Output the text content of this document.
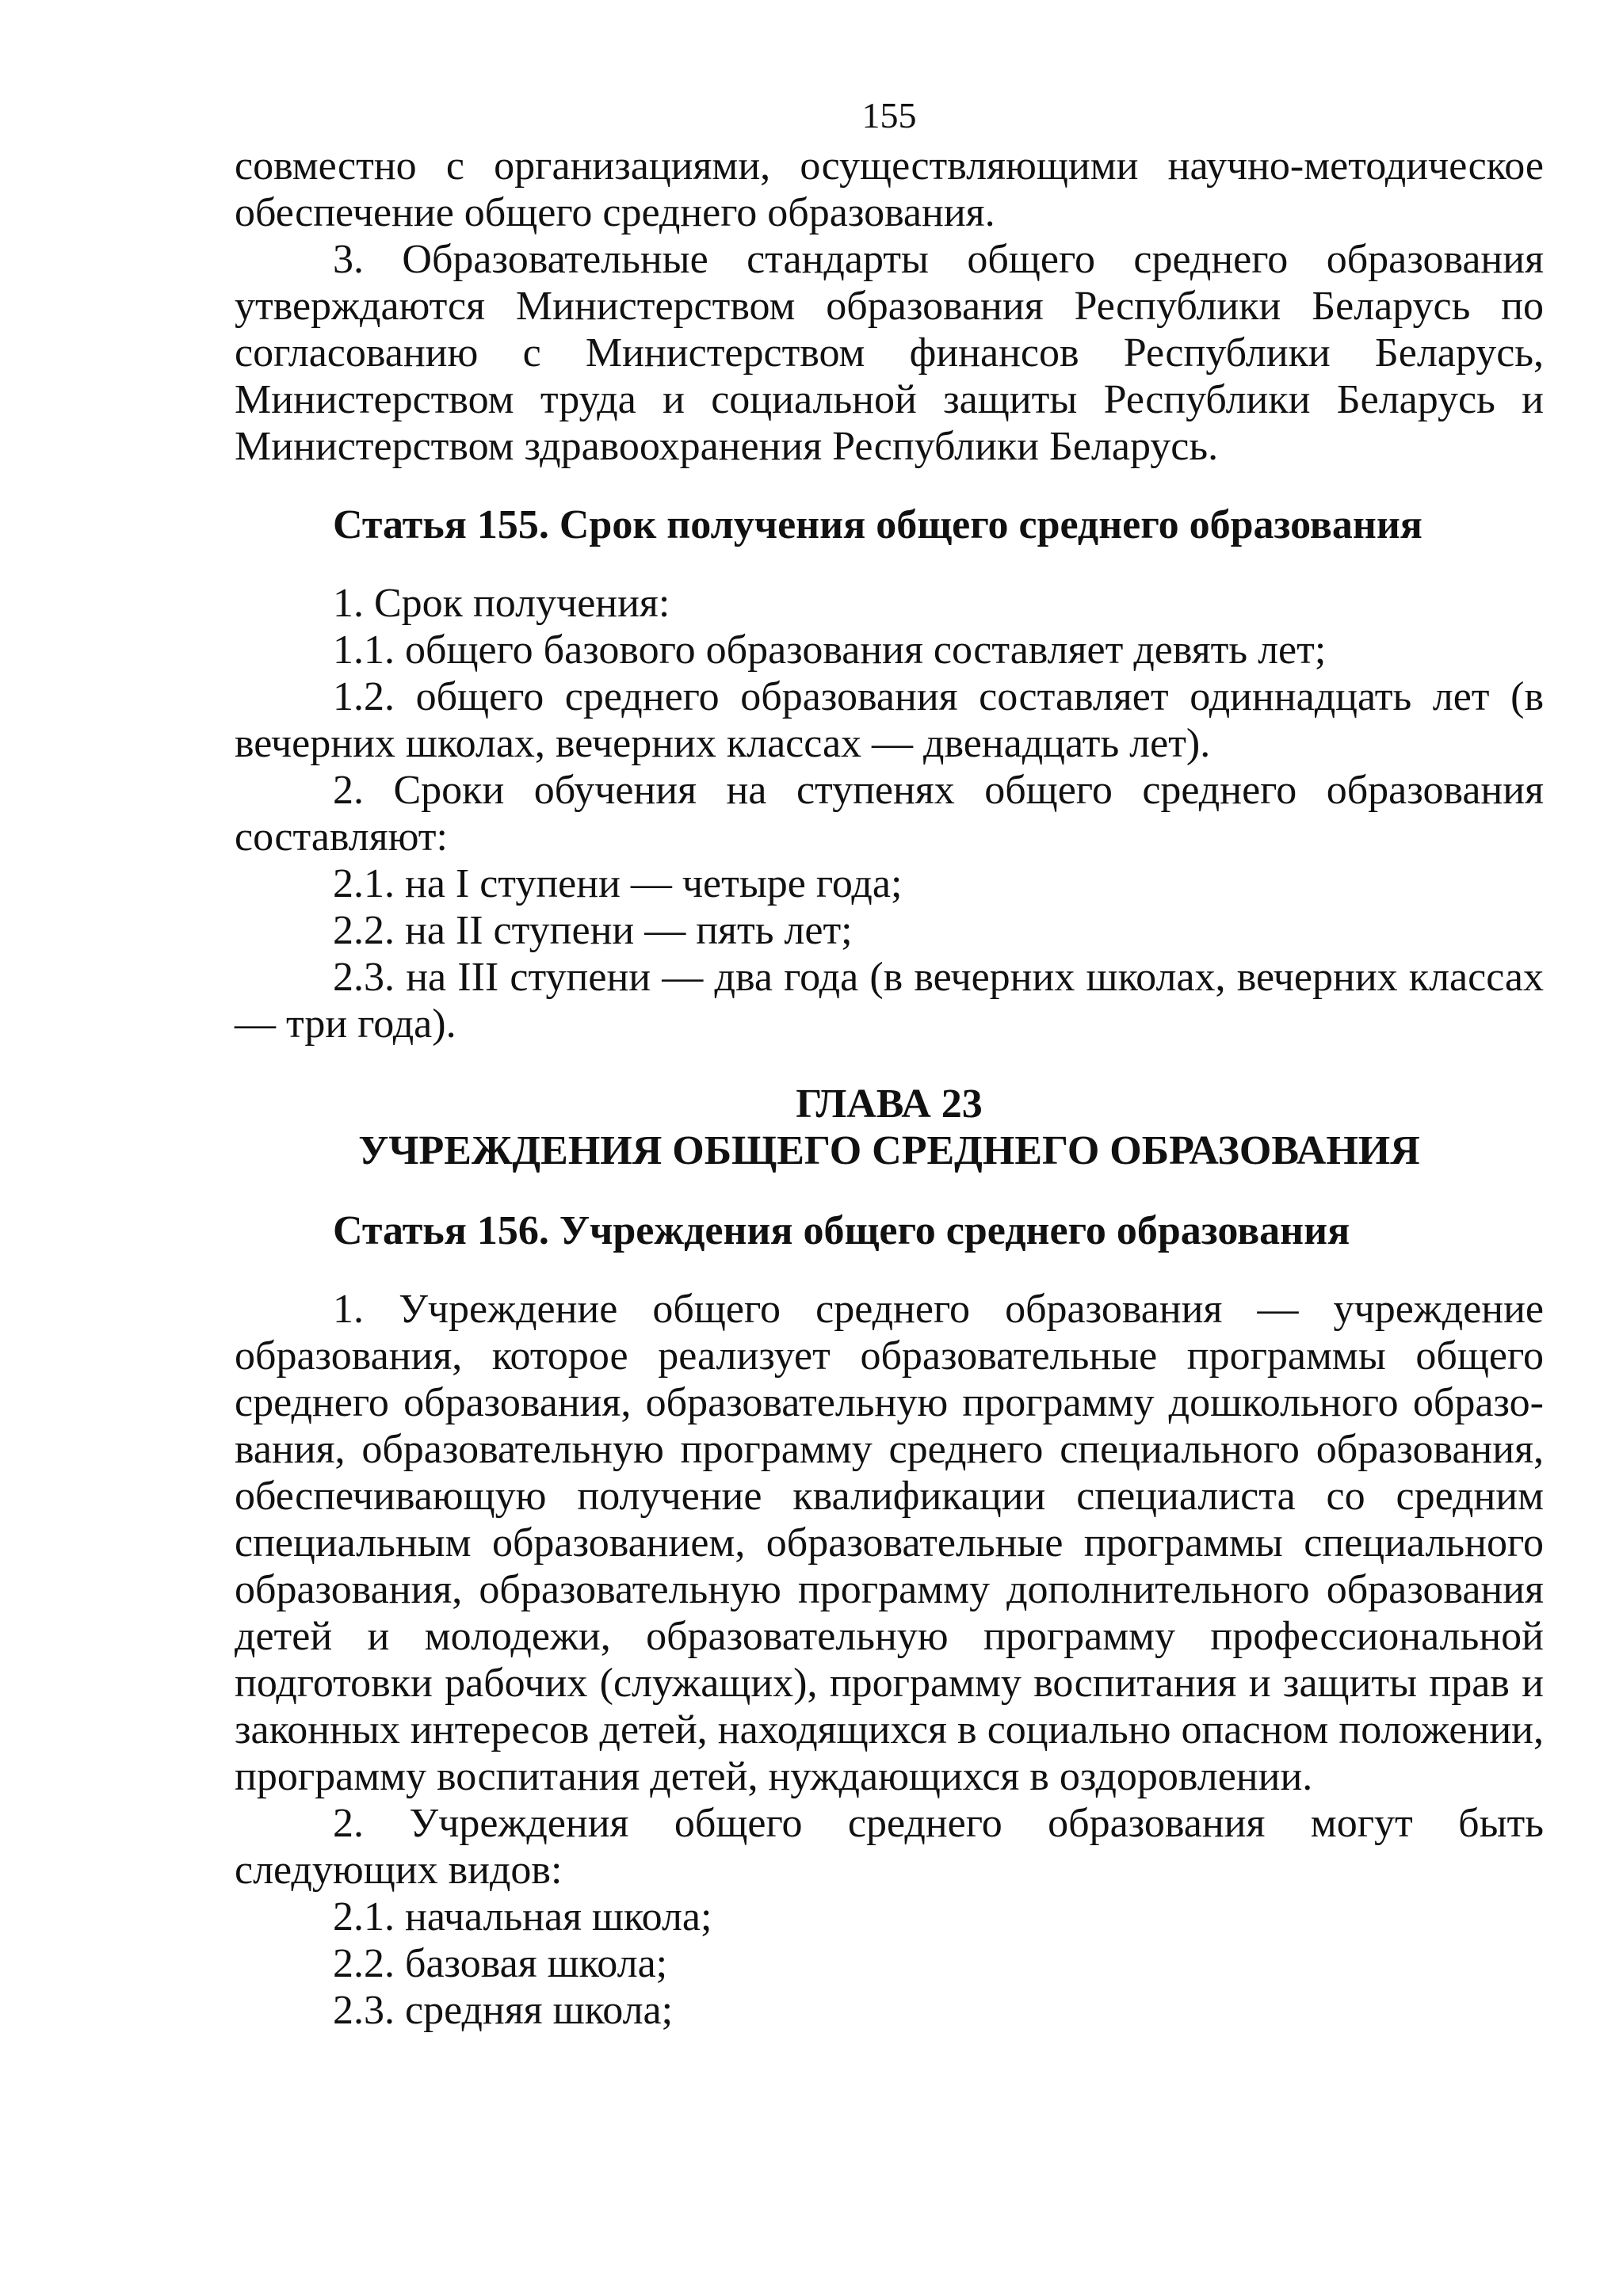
155

совместно с организациями, осуществляющими научно-методическое обеспечение общего среднего образования.

3. Образовательные стандарты общего среднего образования утверждаются Министерством образования Республики Беларусь по согласованию с Министерством финансов Республики Беларусь, Министерством труда и социальной защиты Республики Беларусь и Министерством здравоохранения Республики Беларусь.

Статья 155. Срок получения общего среднего образования

1. Срок получения:

1.1. общего базового образования составляет девять лет;

1.2. общего среднего образования составляет одиннадцать лет (в вечерних школах, вечерних классах — двенадцать лет).

2. Сроки обучения на ступенях общего среднего образования составляют:

2.1. на I ступени — четыре года;

2.2. на II ступени — пять лет;

2.3. на III ступени — два года (в вечерних школах, вечерних классах — три года).

ГЛАВА 23

УЧРЕЖДЕНИЯ ОБЩЕГО СРЕДНЕГО ОБРАЗОВАНИЯ

Статья 156. Учреждения общего среднего образования

1. Учреждение общего среднего образования — учреждение образования, которое реализует образовательные программы общего среднего образования, образовательную программу дошкольного образования, образовательную программу среднего специального образования, обеспечивающую получение квалификации специалиста со средним специальным образованием, образовательные программы специального образования, образовательную программу дополнительного образования детей и молодежи, образовательную программу профессиональной подготовки рабочих (служащих), программу воспитания и защиты прав и законных интересов детей, находящихся в социально опасном положении, программу воспитания детей, нуждающихся в оздоровлении.

2. Учреждения общего среднего образования могут быть следующих видов:

2.1. начальная школа;

2.2. базовая школа;

2.3. средняя школа;
